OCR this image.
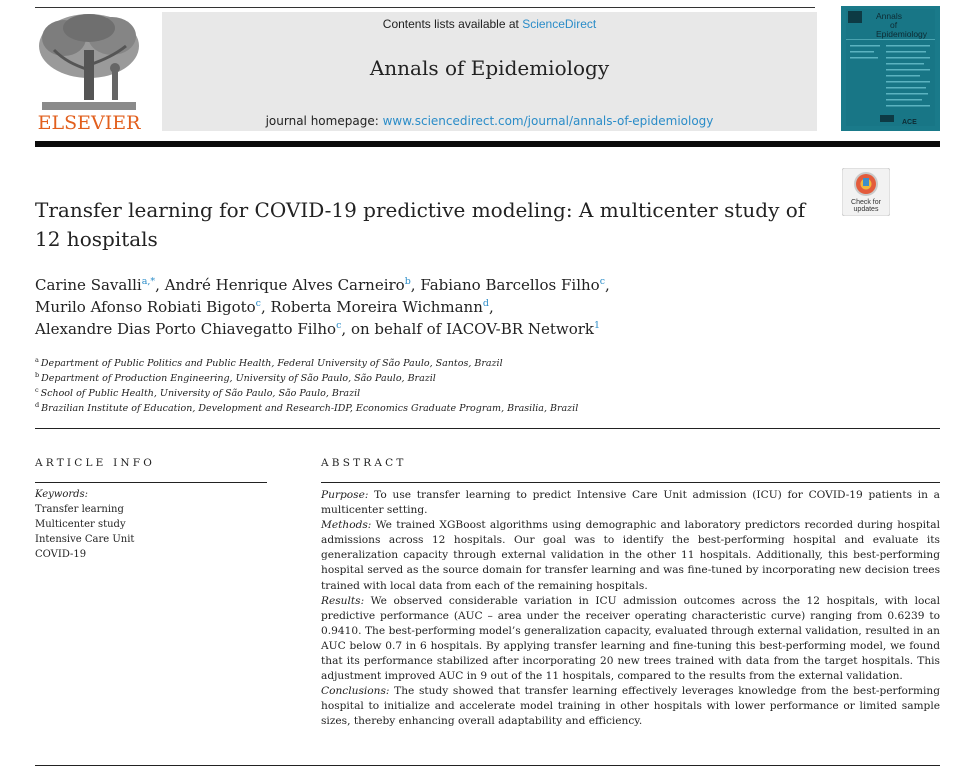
ELSEVIER
Contents lists available at ScienceDirect
Annals of Epidemiology
journal homepage: www.sciencedirect.com/journal/annals-of-epidemiology
Annals
of
Epidemiology
ACE
Transfer learning for COVID-19 predictive modeling: A multicenter study of 12 hospitals
Check for
updates
Carine Savalli$^{a,*}$, André Henrique Alves Carneiro$^b$, Fabiano Barcellos Filho$^c$,
Murilo Afonso Robiati Bigoto$^c$, Roberta Moreira Wichmann$^d$,
Alexandre Dias Porto Chiavegatto Filho$^c$, on behalf of IACOV-BR Network$^1$
$^a$ Department of Public Politics and Public Health, Federal University of São Paulo, Santos, Brazil
$^b$ Department of Production Engineering, University of São Paulo, São Paulo, Brazil
$^c$ School of Public Health, University of São Paulo, São Paulo, Brazil
$^d$ Brazilian Institute of Education, Development and Research-IDP, Economics Graduate Program, Brasilia, Brazil
ARTICLE INFO
Keywords:
Transfer learning
Multicenter study
Intensive Care Unit
COVID-19
ABSTRACT

Purpose: To use transfer learning to predict Intensive Care Unit admission (ICU) for COVID-19 patients in a multicenter setting.

Methods: We trained XGBoost algorithms using demographic and laboratory predictors recorded during hospital admissions across 12 hospitals. Our goal was to identify the best-performing hospital and evaluate its generalization capacity through external validation in the other 11 hospitals. Additionally, this best-performing hospital served as the source domain for transfer learning and was fine-tuned by incorporating new decision trees trained with local data from each of the remaining hospitals.

Results: We observed considerable variation in ICU admission outcomes across the 12 hospitals, with local predictive performance (AUC – area under the receiver operating characteristic curve) ranging from 0.6239 to 0.9410. The best-performing model’s generalization capacity, evaluated through external validation, resulted in an AUC below 0.7 in 6 hospitals. By applying transfer learning and fine-tuning this best-performing model, we found that its performance stabilized after incorporating 20 new trees trained with data from the target hospitals. This adjustment improved AUC in 9 out of the 11 hospitals, compared to the results from the external validation.

Conclusions: The study showed that transfer learning effectively leverages knowledge from the best-performing hospital to initialize and accelerate model training in other hospitals with lower performance or limited sample sizes, thereby enhancing overall adaptability and efficiency.
